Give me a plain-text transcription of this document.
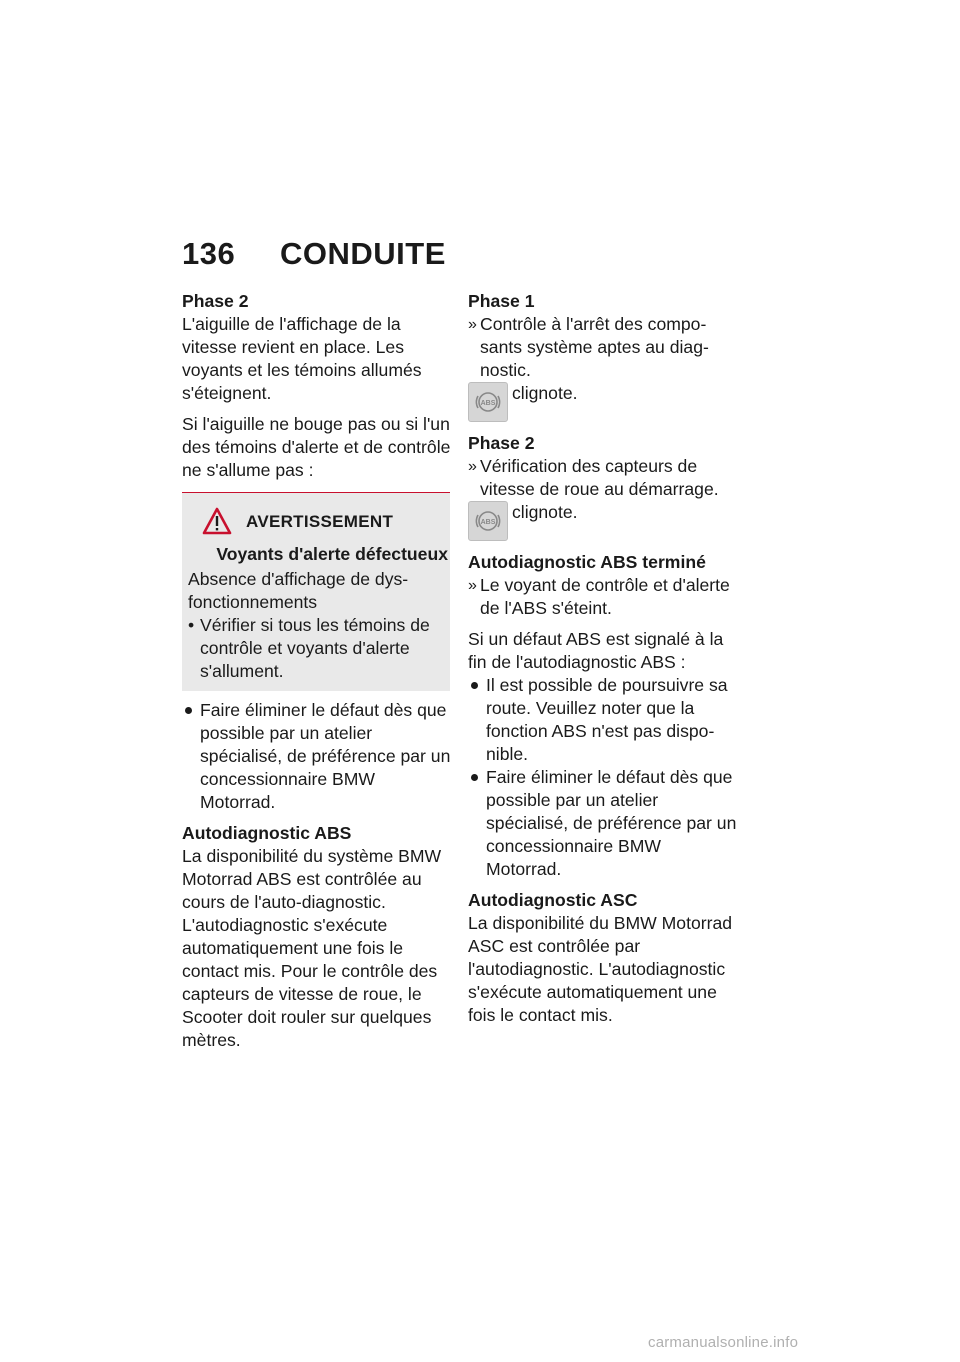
136	CONDUITE

Phase 2

L'aiguille de l'affichage de la vitesse revient en place. Les voyants et les témoins allumés s'éteignent.

Si l'aiguille ne bouge pas ou si l'un des témoins d'alerte et de contrôle ne s'allume pas :

AVERTISSEMENT

Voyants d'alerte défectueux

Absence d'affichage de dys-fonctionnements

• Vérifier si tous les témoins de contrôle et voyants d'alerte s'allument.
Faire éliminer le défaut dès que possible par un atelier spécialisé, de préférence par un concessionnaire BMW Motorrad.

Autodiagnostic ABS

La disponibilité du système BMW Motorrad ABS est contrôlée au cours de l'auto-diagnostic. L'autodiagnostic s'exécute automatiquement une fois le contact mis. Pour le contrôle des capteurs de vitesse de roue, le Scooter doit rouler sur quelques mètres.

Phase 1

» Contrôle à l'arrêt des compo-sants système aptes au diag-nostic.
ABS
clignote.

Phase 2

» Vérification des capteurs de vitesse de roue au démarrage.
ABS
clignote.

Autodiagnostic ABS terminé

» Le voyant de contrôle et d'alerte de l'ABS s'éteint.

Si un défaut ABS est signalé à la fin de l'autodiagnostic ABS :

Il est possible de poursuivre sa route. Veuillez noter que la fonction ABS n'est pas dispo-nible.
Faire éliminer le défaut dès que possible par un atelier spécialisé, de préférence par un concessionnaire BMW Motorrad.

Autodiagnostic ASC

La disponibilité du BMW Motorrad ASC est contrôlée par l'autodiagnostic. L'autodiagnostic s'exécute automatiquement une fois le contact mis.

carmanualsonline.info
